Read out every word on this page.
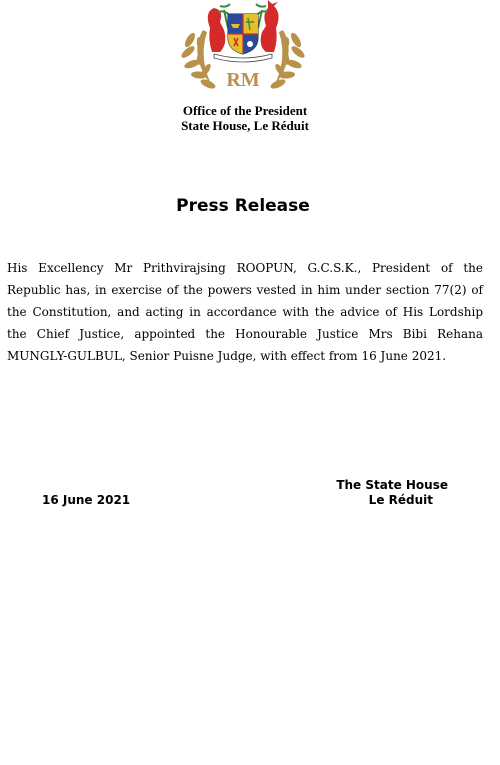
RM
Office of the President
State House, Le Réduit
Press Release

His Excellency Mr Prithvirajsing ROOPUN, G.C.S.K., President of the Republic has, in exercise of the powers vested in him under section 77(2) of the Constitution, and acting in accordance with the advice of His Lordship the Chief Justice, appointed the Honourable Justice Mrs Bibi Rehana MUNGLY-GULBUL, Senior Puisne Judge, with effect from 16 June 2021.

The State House
Le Réduit
16 June 2021
